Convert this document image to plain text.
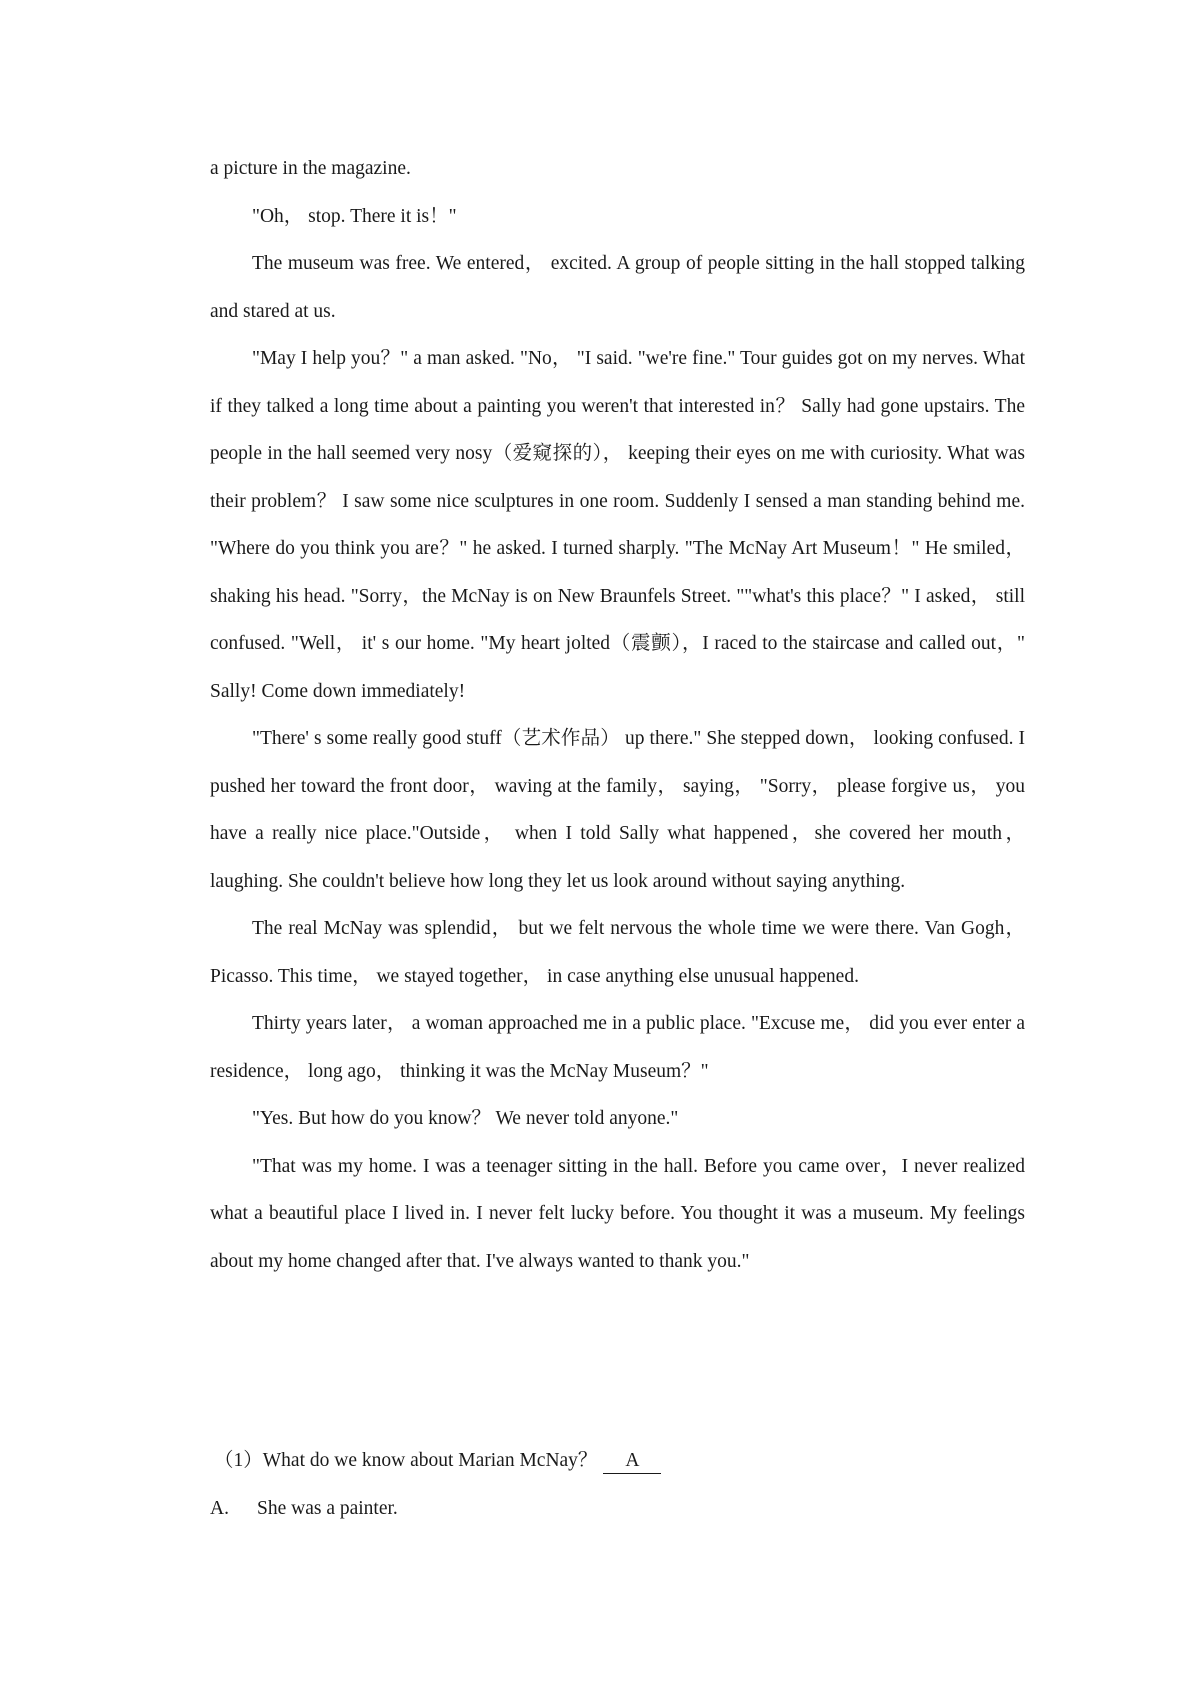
a picture in the magazine.

"Oh， stop. There it is！"

The museum was free. We entered， excited. A group of people sitting in the hall stopped talking and stared at us.

"May I help you？" a man asked. "No， "I said. "we're fine." Tour guides got on my nerves. What if they talked a long time about a painting you weren't that interested in？ Sally had gone upstairs. The people in the hall seemed very nosy（爱窥探的）， keeping their eyes on me with curiosity. What was their problem？ I saw some nice sculptures in one room. Suddenly I sensed a man standing behind me. "Where do you think you are？" he asked. I turned sharply. "The McNay Art Museum！" He smiled，shaking his head. "Sorry，the McNay is on New Braunfels Street. ""what's this place？" I asked， still confused. "Well， it' s our home. "My heart jolted（震颤），I raced to the staircase and called out，" Sally! Come down immediately!

"There' s some really good stuff（艺术作品） up there." She stepped down， looking confused. I pushed her toward the front door， waving at the family， saying， "Sorry， please forgive us， you have a really nice place."Outside， when I told Sally what happened，she covered her mouth， laughing. She couldn't believe how long they let us look around without saying anything.

The real McNay was splendid， but we felt nervous the whole time we were there. Van Gogh， Picasso. This time， we stayed together， in case anything else unusual happened.

Thirty years later， a woman approached me in a public place. "Excuse me， did you ever enter a residence， long ago， thinking it was the McNay Museum？"

"Yes. But how do you know？ We never told anyone."

"That was my home. I was a teenager sitting in the hall. Before you came over，I never realized what a beautiful place I lived in. I never felt lucky before. You thought it was a museum. My feelings about my home changed after that. I've always wanted to thank you."

（1）What do we know about Marian McNay？ A

A. She was a painter.
